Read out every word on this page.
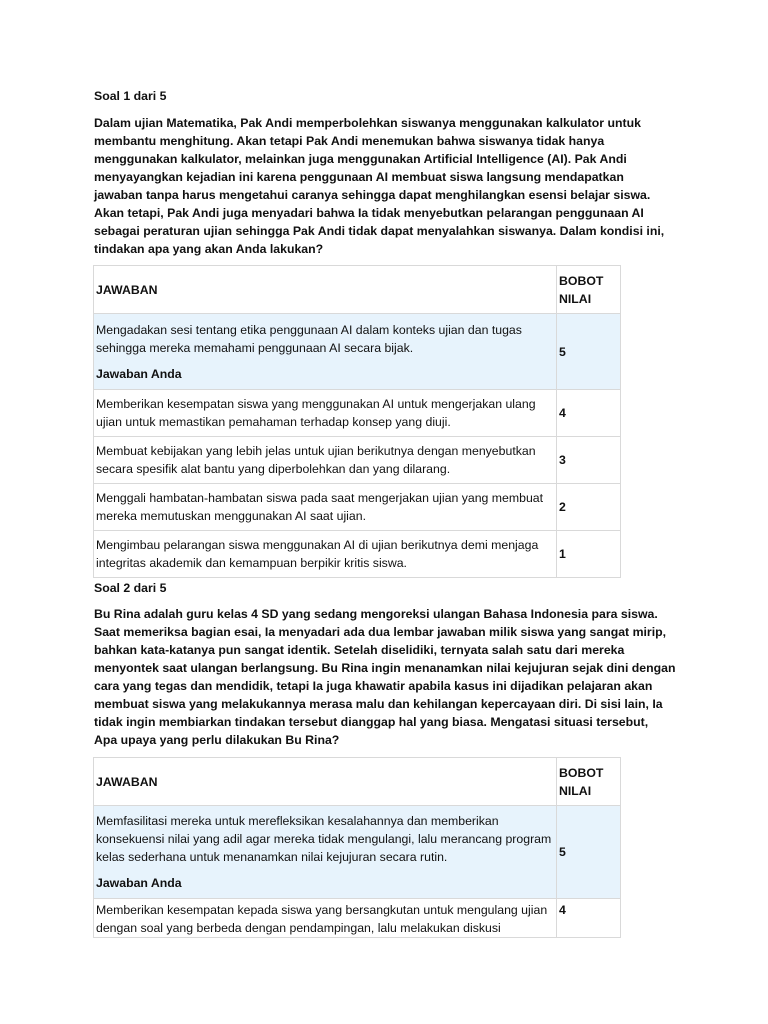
Soal 1 dari 5

Dalam ujian Matematika, Pak Andi memperbolehkan siswanya menggunakan kalkulator untuk

membantu menghitung. Akan tetapi Pak Andi menemukan bahwa siswanya tidak hanya

menggunakan kalkulator, melainkan juga menggunakan Artificial Intelligence (AI). Pak Andi

menyayangkan kejadian ini karena penggunaan AI membuat siswa langsung mendapatkan

jawaban tanpa harus mengetahui caranya sehingga dapat menghilangkan esensi belajar siswa.

Akan tetapi, Pak Andi juga menyadari bahwa Ia tidak menyebutkan pelarangan penggunaan AI

sebagai peraturan ujian sehingga Pak Andi tidak dapat menyalahkan siswanya. Dalam kondisi ini,

tindakan apa yang akan Anda lakukan?

JAWABAN	BOBOT NILAI

Mengadakan sesi tentang etika penggunaan AI dalam konteks ujian dan tugas sehingga mereka memahami penggunaan AI secara bijak.
Jawaban Anda	5

Memberikan kesempatan siswa yang menggunakan AI untuk mengerjakan ulang ujian untuk memastikan pemahaman terhadap konsep yang diuji.	4

Membuat kebijakan yang lebih jelas untuk ujian berikutnya dengan menyebutkan secara spesifik alat bantu yang diperbolehkan dan yang dilarang.	3

Menggali hambatan-hambatan siswa pada saat mengerjakan ujian yang membuat mereka memutuskan menggunakan AI saat ujian.	2

Mengimbau pelarangan siswa menggunakan AI di ujian berikutnya demi menjaga integritas akademik dan kemampuan berpikir kritis siswa.	1
Soal 2 dari 5

Bu Rina adalah guru kelas 4 SD yang sedang mengoreksi ulangan Bahasa Indonesia para siswa.

Saat memeriksa bagian esai, Ia menyadari ada dua lembar jawaban milik siswa yang sangat mirip,

bahkan kata-katanya pun sangat identik. Setelah diselidiki, ternyata salah satu dari mereka

menyontek saat ulangan berlangsung. Bu Rina ingin menanamkan nilai kejujuran sejak dini dengan

cara yang tegas dan mendidik, tetapi Ia juga khawatir apabila kasus ini dijadikan pelajaran akan

membuat siswa yang melakukannya merasa malu dan kehilangan kepercayaan diri. Di sisi lain, Ia

tidak ingin membiarkan tindakan tersebut dianggap hal yang biasa. Mengatasi situasi tersebut,

Apa upaya yang perlu dilakukan Bu Rina?

JAWABAN	BOBOT NILAI

Memfasilitasi mereka untuk merefleksikan kesalahannya dan memberikan konsekuensi nilai yang adil agar mereka tidak mengulangi, lalu merancang program kelas sederhana untuk menanamkan nilai kejujuran secara rutin.
Jawaban Anda	5

Memberikan kesempatan kepada siswa yang bersangkutan untuk mengulang ujian dengan soal yang berbeda dengan pendampingan, lalu melakukan diskusi	4
